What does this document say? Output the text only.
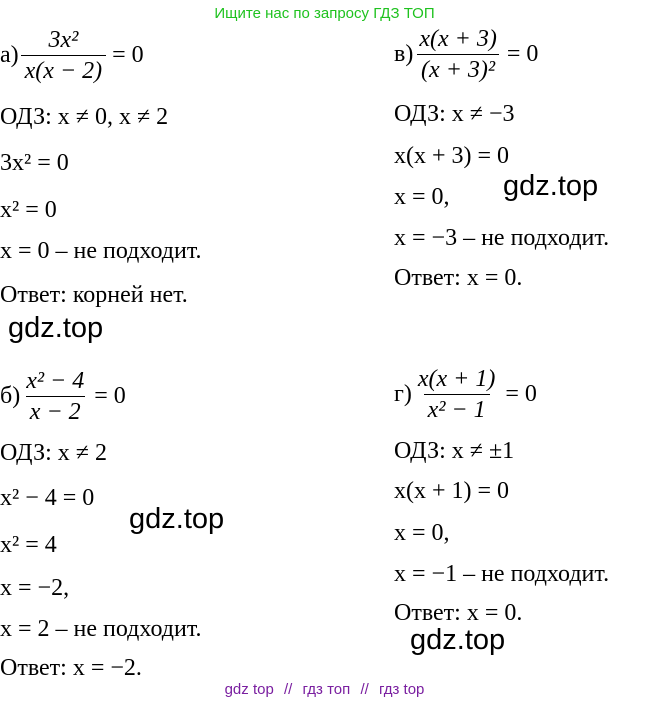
Ищите нас по запросу ГДЗ ТОП
$а) \frac{\text{3x²}}{x(x - 2)} = 0$
ОДЗ: x ≠ 0, x ≠ 2
3x² = 0
x² = 0
x = 0 – не подходит.
Ответ: корней нет.
$в) \frac{x(x + 3)}{\text{(x + 3)²}} = 0$
ОДЗ: x ≠ −3
x(x + 3) = 0
x = 0,
x = −3 – не подходит.
Ответ: x = 0.
$б) \frac{\text{x² − 4}}{x - 2} = 0$
ОДЗ: x ≠ 2
x² − 4 = 0
x² = 4
x = −2,
x = 2 – не подходит.
Ответ: x = −2.
$г) \frac{x(x + 1)}{\text{x² − 1}} = 0$
ОДЗ: x ≠ ±1
x(x + 1) = 0
x = 0,
x = −1 – не подходит.
Ответ: x = 0.
gdz.top
gdz.top
gdz.top
gdz.top
gdz top // гдз топ // гдз top
